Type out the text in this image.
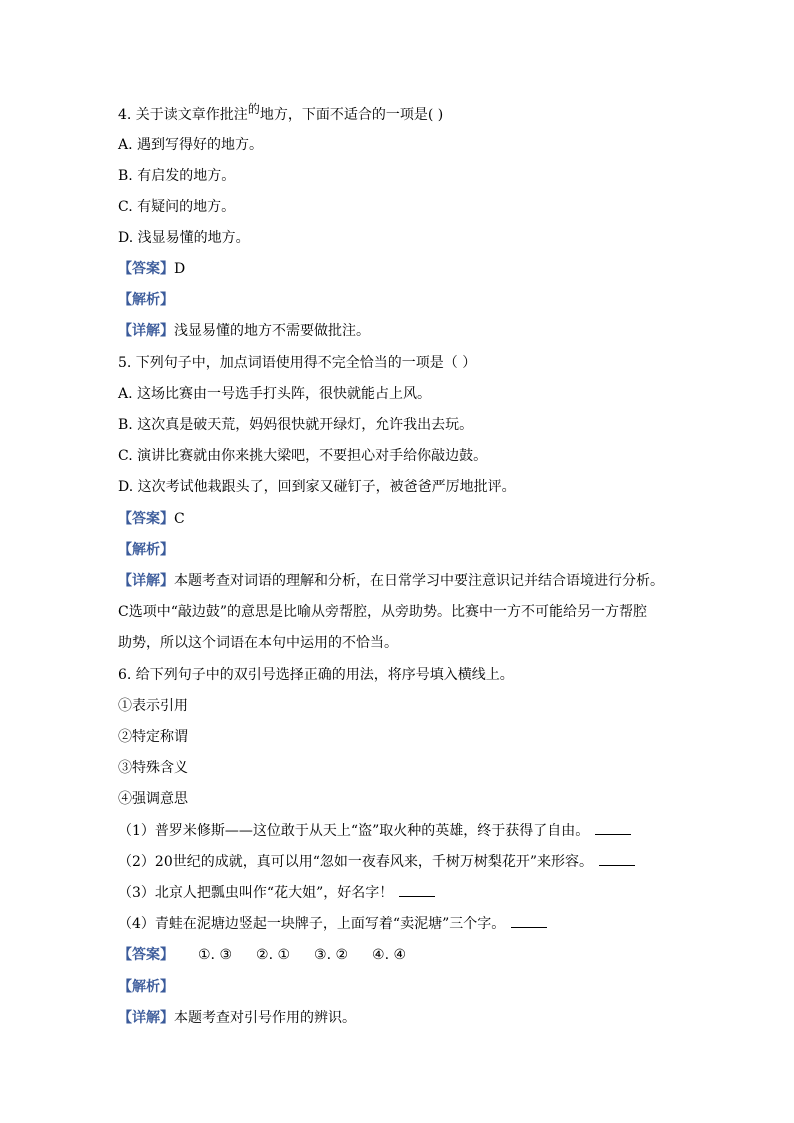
4. 关于读文章作批注的地方，下面不适合的一项是( )
A. 遇到写得好的地方。
B. 有启发的地方。
C. 有疑问的地方。
D. 浅显易懂的地方。
【答案】D
【解析】
【详解】浅显易懂的地方不需要做批注。
5. 下列句子中，加点词语使用得不完全恰当的一项是（ ）
A. 这场比赛由一号选手打头阵，很快就能占上风。
B. 这次真是破天荒，妈妈很快就开绿灯，允许我出去玩。
C. 演讲比赛就由你来挑大梁吧，不要担心对手给你敲边鼓。
D. 这次考试他栽跟头了，回到家又碰钉子，被爸爸严厉地批评。
【答案】C
【解析】
【详解】本题考查对词语的理解和分析，在日常学习中要注意识记并结合语境进行分析。
C选项中“敲边鼓”的意思是比喻从旁帮腔，从旁助势。比赛中一方不可能给另一方帮腔
助势，所以这个词语在本句中运用的不恰当。
6. 给下列句子中的双引号选择正确的用法，将序号填入横线上。
①表示引用
②特定称谓
③特殊含义
④强调意思
（1）普罗米修斯——这位敢于从天上“盗”取火种的英雄，终于获得了自由。
（2）20世纪的成就，真可以用“忽如一夜春风来，千树万树梨花开”来形容。
（3）北京人把瓢虫叫作“花大姐”，好名字！
（4）青蛙在泥塘边竖起一块牌子，上面写着“卖泥塘”三个字。
【答案】 ①. ③ ②. ① ③. ② ④. ④
【解析】
【详解】本题考查对引号作用的辨识。
